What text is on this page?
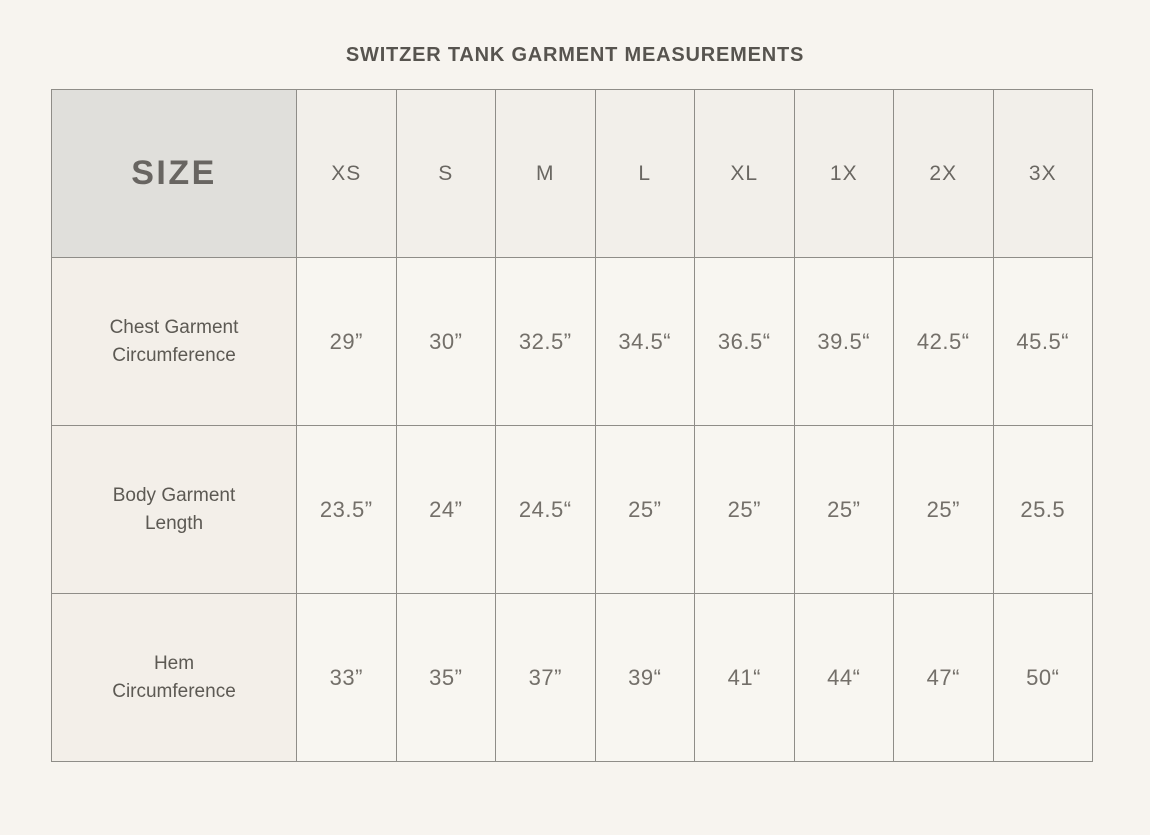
SWITZER TANK GARMENT MEASUREMENTS
SIZE	XS	S	M	L	XL	1X	2X	3X
Chest Garment
Circumference	29”	30”	32.5”	34.5“	36.5“	39.5“	42.5“	45.5“
Body Garment
Length	23.5”	24”	24.5“	25”	25”	25”	25”	25.5
Hem
Circumference	33”	35”	37”	39“	41“	44“	47“	50“
